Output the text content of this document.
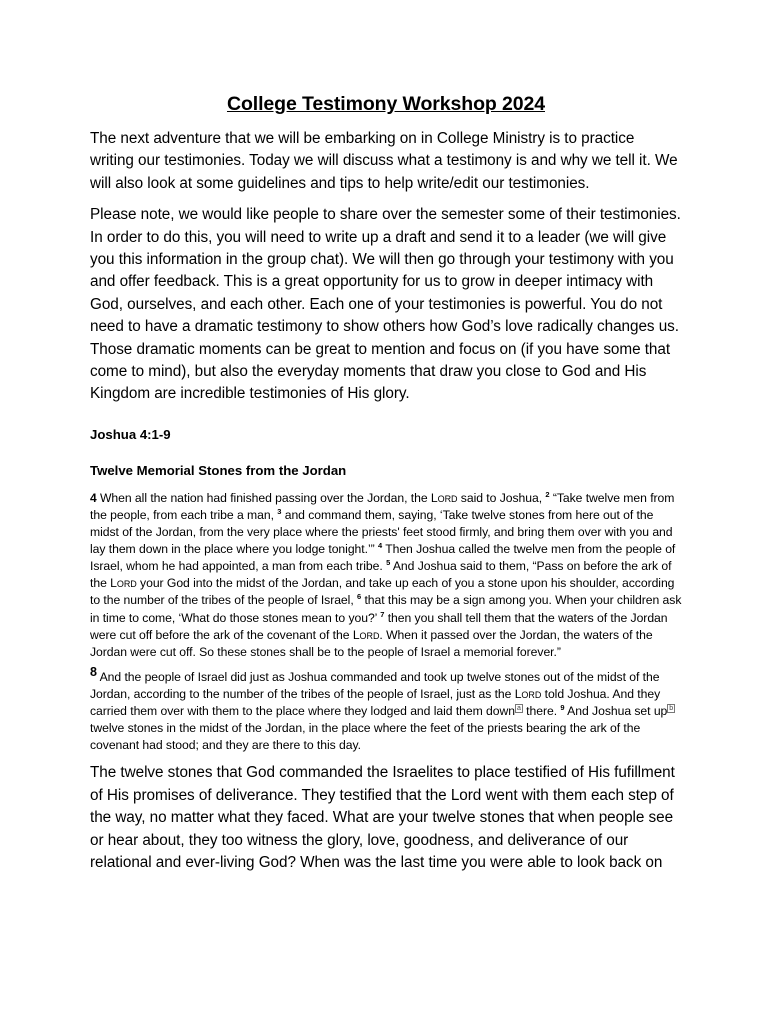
College Testimony Workshop 2024

The next adventure that we will be embarking on in College Ministry is to practice writing our testimonies. Today we will discuss what a testimony is and why we tell it. We will also look at some guidelines and tips to help write/edit our testimonies.

Please note, we would like people to share over the semester some of their testimonies. In order to do this, you will need to write up a draft and send it to a leader (we will give you this information in the group chat). We will then go through your testimony with you and offer feedback. This is a great opportunity for us to grow in deeper intimacy with God, ourselves, and each other. Each one of your testimonies is powerful. You do not need to have a dramatic testimony to show others how God’s love radically changes us. Those dramatic moments can be great to mention and focus on (if you have some that come to mind), but also the everyday moments that draw you close to God and His Kingdom are incredible testimonies of His glory.

Joshua 4:1-9
Twelve Memorial Stones from the Jordan

4 When all the nation had finished passing over the Jordan, the Lord said to Joshua, $^2$ “Take twelve men from the people, from each tribe a man, $^3$ and command them, saying, ‘Take twelve stones from here out of the midst of the Jordan, from the very place where the priests' feet stood firmly, and bring them over with you and lay them down in the place where you lodge tonight.’” $^4$ Then Joshua called the twelve men from the people of Israel, whom he had appointed, a man from each tribe. $^5$ And Joshua said to them, “Pass on before the ark of the Lord your God into the midst of the Jordan, and take up each of you a stone upon his shoulder, according to the number of the tribes of the people of Israel, $^6$ that this may be a sign among you. When your children ask in time to come, ‘What do those stones mean to you?’ $^7$ then you shall tell them that the waters of the Jordan were cut off before the ark of the covenant of the Lord. When it passed over the Jordan, the waters of the Jordan were cut off. So these stones shall be to the people of Israel a memorial forever.”

8 And the people of Israel did just as Joshua commanded and took up twelve stones out of the midst of the Jordan, according to the number of the tribes of the people of Israel, just as the Lord told Joshua. And they carried them over with them to the place where they lodged and laid them down $^a$ there. $^9$ And Joshua set up $^b$ twelve stones in the midst of the Jordan, in the place where the feet of the priests bearing the ark of the covenant had stood; and they are there to this day.

The twelve stones that God commanded the Israelites to place testified of His fufillment of His promises of deliverance. They testified that the Lord went with them each step of the way, no matter what they faced. What are your twelve stones that when people see or hear about, they too witness the glory, love, goodness, and deliverance of our relational and ever-living God? When was the last time you were able to look back on
